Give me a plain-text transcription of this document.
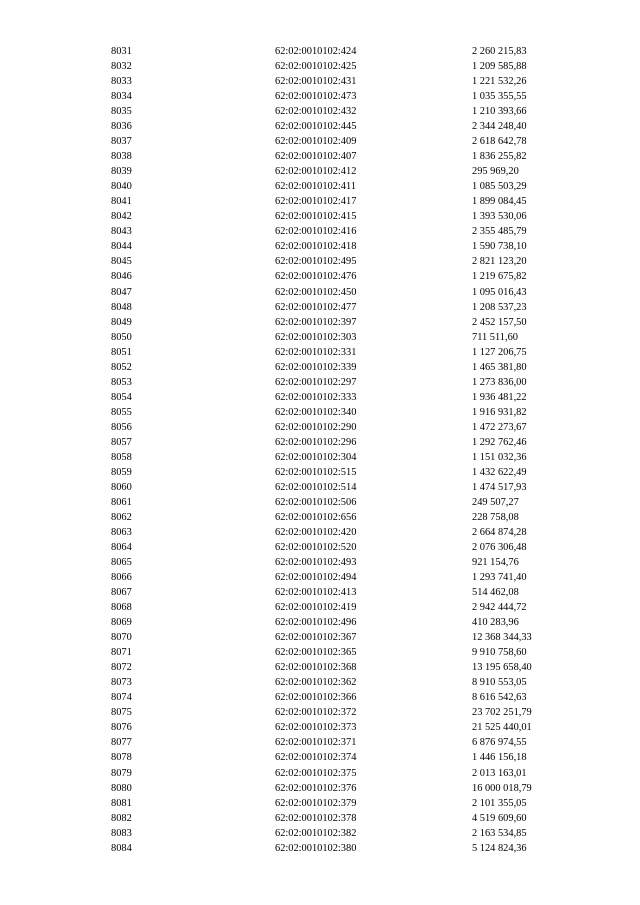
8031	62:02:0010102:424	2 260 215,83
8032	62:02:0010102:425	1 209 585,88
8033	62:02:0010102:431	1 221 532,26
8034	62:02:0010102:473	1 035 355,55
8035	62:02:0010102:432	1 210 393,66
8036	62:02:0010102:445	2 344 248,40
8037	62:02:0010102:409	2 618 642,78
8038	62:02:0010102:407	1 836 255,82
8039	62:02:0010102:412	295 969,20
8040	62:02:0010102:411	1 085 503,29
8041	62:02:0010102:417	1 899 084,45
8042	62:02:0010102:415	1 393 530,06
8043	62:02:0010102:416	2 355 485,79
8044	62:02:0010102:418	1 590 738,10
8045	62:02:0010102:495	2 821 123,20
8046	62:02:0010102:476	1 219 675,82
8047	62:02:0010102:450	1 095 016,43
8048	62:02:0010102:477	1 208 537,23
8049	62:02:0010102:397	2 452 157,50
8050	62:02:0010102:303	711 511,60
8051	62:02:0010102:331	1 127 206,75
8052	62:02:0010102:339	1 465 381,80
8053	62:02:0010102:297	1 273 836,00
8054	62:02:0010102:333	1 936 481,22
8055	62:02:0010102:340	1 916 931,82
8056	62:02:0010102:290	1 472 273,67
8057	62:02:0010102:296	1 292 762,46
8058	62:02:0010102:304	1 151 032,36
8059	62:02:0010102:515	1 432 622,49
8060	62:02:0010102:514	1 474 517,93
8061	62:02:0010102:506	249 507,27
8062	62:02:0010102:656	228 758,08
8063	62:02:0010102:420	2 664 874,28
8064	62:02:0010102:520	2 076 306,48
8065	62:02:0010102:493	921 154,76
8066	62:02:0010102:494	1 293 741,40
8067	62:02:0010102:413	514 462,08
8068	62:02:0010102:419	2 942 444,72
8069	62:02:0010102:496	410 283,96
8070	62:02:0010102:367	12 368 344,33
8071	62:02:0010102:365	9 910 758,60
8072	62:02:0010102:368	13 195 658,40
8073	62:02:0010102:362	8 910 553,05
8074	62:02:0010102:366	8 616 542,63
8075	62:02:0010102:372	23 702 251,79
8076	62:02:0010102:373	21 525 440,01
8077	62:02:0010102:371	6 876 974,55
8078	62:02:0010102:374	1 446 156,18
8079	62:02:0010102:375	2 013 163,01
8080	62:02:0010102:376	16 000 018,79
8081	62:02:0010102:379	2 101 355,05
8082	62:02:0010102:378	4 519 609,60
8083	62:02:0010102:382	2 163 534,85
8084	62:02:0010102:380	5 124 824,36
